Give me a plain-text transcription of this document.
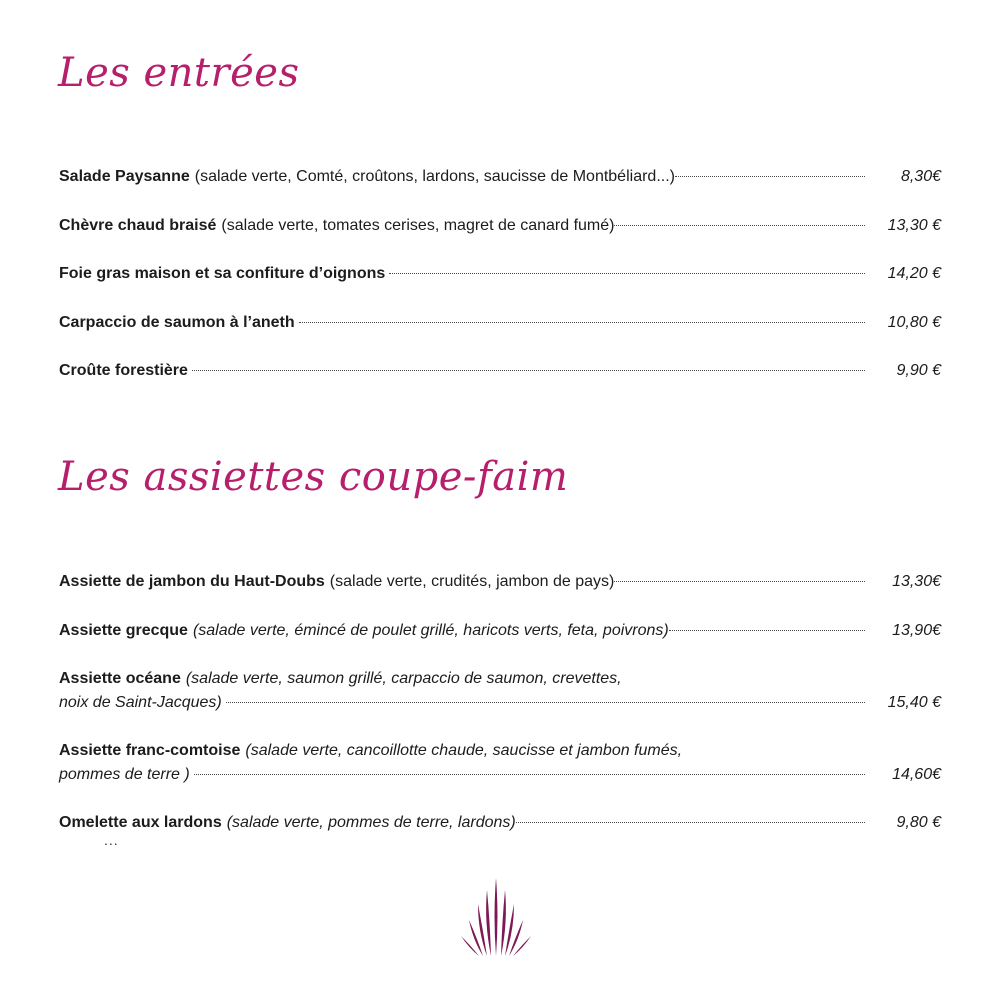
Les entrées
Salade Paysanne (salade verte, Comté, croûtons, lardons, saucisse de Montbéliard...)	8,30€
Chèvre chaud braisé (salade verte, tomates cerises, magret de canard fumé)	13,30 €
Foie gras maison et sa confiture d’oignons	14,20 €
Carpaccio de saumon à l’aneth	10,80 €
Croûte forestière	9,90 €
Les assiettes coupe-faim
Assiette de jambon du Haut-Doubs (salade verte, crudités, jambon de pays)	13,30€
Assiette grecque (salade verte, émincé de poulet grillé, haricots verts, feta, poivrons)	13,90€
Assiette océane (salade verte, saumon grillé, carpaccio de saumon, crevettes,
noix de Saint-Jacques)	15,40 €
Assiette franc-comtoise (salade verte, cancoillotte chaude, saucisse et jambon fumés,
pommes de terre )	14,60€
Omelette aux lardons (salade verte, pommes de terre, lardons)	9,80 €
...
